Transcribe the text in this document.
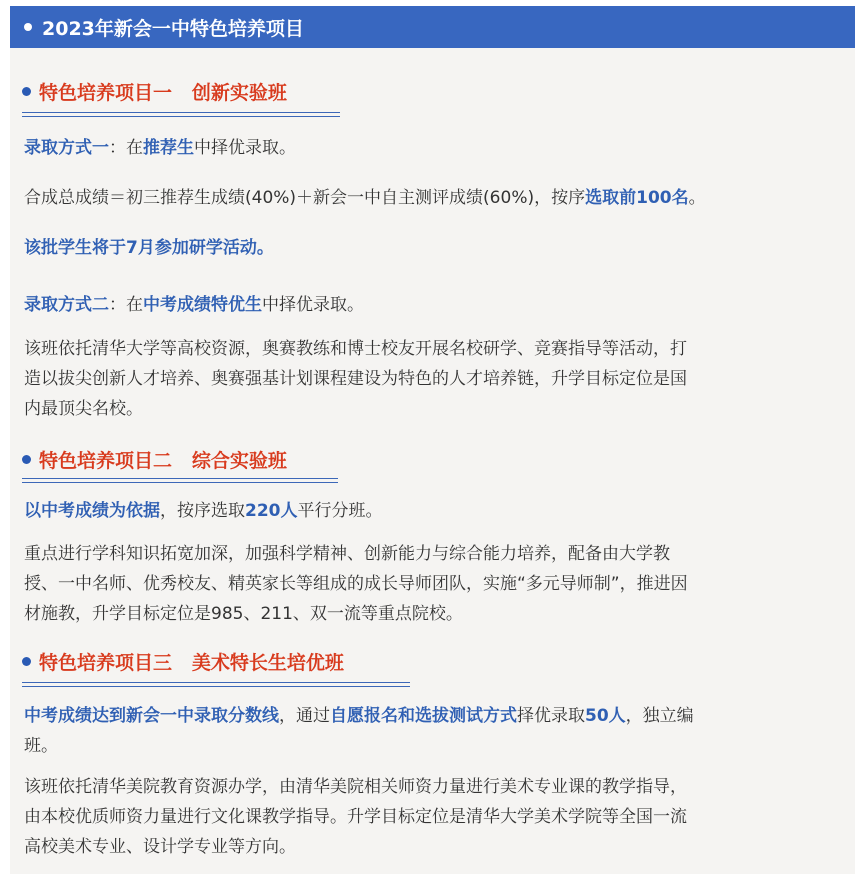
2023年新会一中特色培养项目
特色培养项目一   创新实验班
录取方式一：在推荐生中择优录取。
合成总成绩＝初三推荐生成绩(40%)＋新会一中自主测评成绩(60%)，按序选取前100名。
该批学生将于7月参加研学活动。
录取方式二：在中考成绩特优生中择优录取。
该班依托清华大学等高校资源，奥赛教练和博士校友开展名校研学、竞赛指导等活动，打
造以拔尖创新人才培养、奥赛强基计划课程建设为特色的人才培养链，升学目标定位是国
内最顶尖名校。
特色培养项目二   综合实验班
以中考成绩为依据，按序选取220人平行分班。
重点进行学科知识拓宽加深，加强科学精神、创新能力与综合能力培养，配备由大学教
授、一中名师、优秀校友、精英家长等组成的成长导师团队，实施“多元导师制”，推进因
材施教，升学目标定位是985、211、双一流等重点院校。
特色培养项目三   美术特长生培优班
中考成绩达到新会一中录取分数线，通过自愿报名和选拔测试方式择优录取50人，独立编
班。
该班依托清华美院教育资源办学，由清华美院相关师资力量进行美术专业课的教学指导，
由本校优质师资力量进行文化课教学指导。升学目标定位是清华大学美术学院等全国一流
高校美术专业、设计学专业等方向。
